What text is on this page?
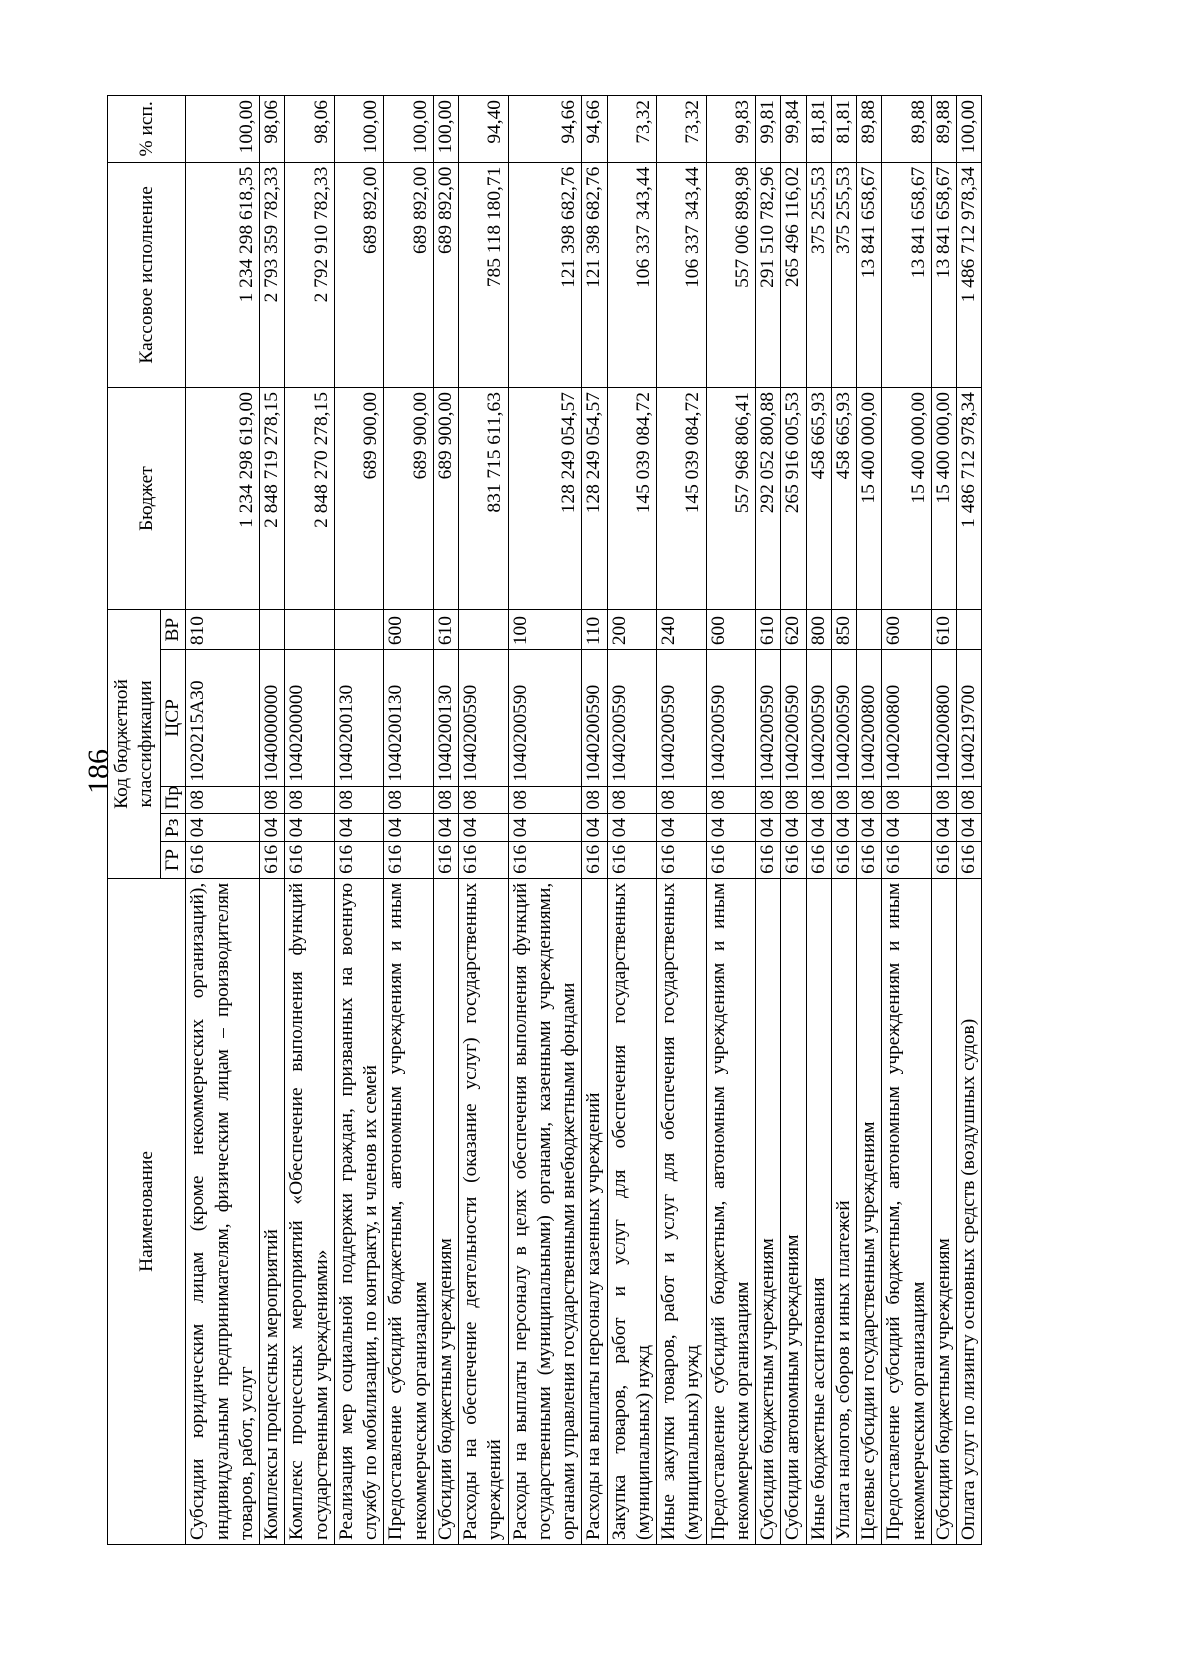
186
Наименование	Код бюджетной классификации					Бюджет	Кассовое исполнение	% исп.
	ГР	Рз	Пр	ЦСР	ВР			
Субсидии юридическим лицам (кроме некоммерческих организаций), индивидуальным предпринимателям, физическим лицам – производителям товаров, работ, услуг	616	04	08	1020215А30	810	1 234 298 619,00	1 234 298 618,35	100,00
Комплексы процессных мероприятий	616	04	08	1040000000		2 848 719 278,15	2 793 359 782,33	98,06
Комплекс процессных мероприятий «Обеспечение выполнения функций государственными учреждениями»	616	04	08	1040200000		2 848 270 278,15	2 792 910 782,33	98,06
Реализация мер социальной поддержки граждан, призванных на военную службу по мобилизации, по контракту, и членов их семей	616	04	08	1040200130		689 900,00	689 892,00	100,00
Предоставление субсидий бюджетным, автономным учреждениям и иным некоммерческим организациям	616	04	08	1040200130	600	689 900,00	689 892,00	100,00
Субсидии бюджетным учреждениям	616	04	08	1040200130	610	689 900,00	689 892,00	100,00
Расходы на обеспечение деятельности (оказание услуг) государственных учреждений	616	04	08	1040200590		831 715 611,63	785 118 180,71	94,40
Расходы на выплаты персоналу в целях обеспечения выполнения функций государственными (муниципальными) органами, казенными учреждениями, органами управления государственными внебюджетными фондами	616	04	08	1040200590	100	128 249 054,57	121 398 682,76	94,66
Расходы на выплаты персоналу казенных учреждений	616	04	08	1040200590	110	128 249 054,57	121 398 682,76	94,66
Закупка товаров, работ и услуг для обеспечения государственных (муниципальных) нужд	616	04	08	1040200590	200	145 039 084,72	106 337 343,44	73,32
Иные закупки товаров, работ и услуг для обеспечения государственных (муниципальных) нужд	616	04	08	1040200590	240	145 039 084,72	106 337 343,44	73,32
Предоставление субсидий бюджетным, автономным учреждениям и иным некоммерческим организациям	616	04	08	1040200590	600	557 968 806,41	557 006 898,98	99,83
Субсидии бюджетным учреждениям	616	04	08	1040200590	610	292 052 800,88	291 510 782,96	99,81
Субсидии автономным учреждениям	616	04	08	1040200590	620	265 916 005,53	265 496 116,02	99,84
Иные бюджетные ассигнования	616	04	08	1040200590	800	458 665,93	375 255,53	81,81
Уплата налогов, сборов и иных платежей	616	04	08	1040200590	850	458 665,93	375 255,53	81,81
Целевые субсидии государственным учреждениям	616	04	08	1040200800		15 400 000,00	13 841 658,67	89,88
Предоставление субсидий бюджетным, автономным учреждениям и иным некоммерческим организациям	616	04	08	1040200800	600	15 400 000,00	13 841 658,67	89,88
Субсидии бюджетным учреждениям	616	04	08	1040200800	610	15 400 000,00	13 841 658,67	89,88
Оплата услуг по лизингу основных средств (воздушных судов)	616	04	08	1040219700		1 486 712 978,34	1 486 712 978,34	100,00
